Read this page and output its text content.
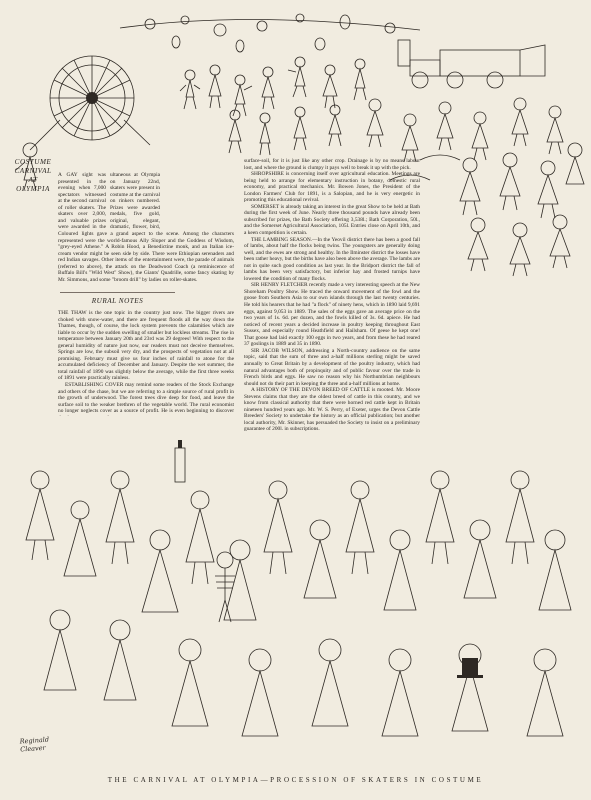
COSTUME CARNIVAL AT OLYMPIA
RURAL NOTES

A GAY sight was presented in the evening when 7,000 spectators witnessed at the second carnival of roller skaters. The skaters over 2,000, and valuable prizes were awarded in the

ultaneous at Olympia on January 22nd, skaters were present in costume at the carnival on rinkers numbered. Prizes were awarded medals, five gold, original, elegant, dramatic, flower, bird,

Coloured lights gave a grand aspect to the scene. Among the characters represented were the world-famous Ally Sloper and the Goddess of Wisdom, "grey-eyed Athene." A Robin Hood, a Benedictine monk, and an Italian ice-cream vendor might be seen side by side. There were Ethiopian serenaders and red Indian savages. Other items of the entertainment were, the parade of animals (referred to above), the attack on the Deadwood Coach (a reminiscence of Buffalo Bill's "Wild West" Show), the Giants' Quadrille, some fancy skating by Mr. Simmons, and some "broom drill" by ladies on roller-skates.

THE THAW is the one topic in the country just now. The bigger rivers are choked with snow-water, and there are frequent floods all the way down the Thames, though, of course, the lock system prevents the calamities which are liable to occur by the sudden swelling of smaller but lockless streams. The rise in temperature between January 20th and 23rd was 29 degrees! With respect to the general humidity of nature just now, our readers must not deceive themselves. Springs are low, the subsoil very dry, and the prospects of vegetation not at all promising. February must give us four inches of rainfall to atone for the accumulated deficiency of December and January. Despite the wet summer, the total rainfall of 1890 was slightly below the average, while the first three weeks of 1891 were practically rainless.

ESTABLISHING COVER may remind some readers of the Stock Exchange and others of the chase, but we are referring to a simple source of rural profit in the growth of underwood. The forest trees dive deep for food, and leave the surface soil to the weaker brethren of the vegetable world. The rural economist no longer neglects cover as a source of profit. He is even beginning to discover

surface-soil, for it is just like any other crop. Drainage is by no means labour lost, and where the ground is clumpy it pays well to break it up with the pick.

SHROPSHIRE is concerning itself over agricultural education. Meetings are being held to arrange for elementary instruction in botany, domestic rural economy, and practical mechanics. Mr. Bowen Jones, the President of the London Farmers' Club for 1891, is a Salopian, and he is very energetic in promoting this educational revival.

SOMERSET is already taking an interest in the great Show to be held at Bath during the first week of June. Nearly three thousand pounds have already been subscribed for prizes, the Bath Society offering 3,538l.; Bath Corporation, 50l., and the Somerset Agricultural Association, 105l. Entries close on April 10th, and a keen competition is certain.

THE LAMBING SEASON.—In the Yeovil district there has been a good fall of lambs, about half the flocks being twins. The youngsters are generally doing well, and the ewes are strong and healthy. In the Ilminster district the losses have been rather heavy, but the births have also been above the average. The lambs are not in quite such good condition as last year. In the Bridport district the fall of lambs has been very satisfactory, but inferior hay and frosted turnips have lowered the condition of many flocks.

SIR HENRY FLETCHER recently made a very interesting speech at the New Shoreham Poultry Show. He traced the onward movement of the fowl and the goose from Southern Asia to our own islands through the last twenty centuries. He told his hearers that he had "a flock" of ninety hens, which in 1890 laid 9,691 eggs, against 9,053 in 1889. The sales of the eggs gave an average price on the two years of 1s. 6d. per dozen, and the fowls killed of 3s. 6d. apiece. He had noticed of recent years a decided increase in poultry keeping throughout East Sussex, and especially round Heathfield and Hailsham. Of geese he kept one! That goose had laid exactly 100 eggs in two years, and from these he had reared 37 goslings in 1889 and 35 in 1890.

SIR JACOB WILSON, addressing a North-country audience on the same topic, said that the sum of three and a-half millions sterling might be saved annually to Great Britain by a development of the poultry industry, which had natural advantages both of propinquity and of public favour over the trade in French birds and eggs. He saw no reason why his Northumbrian neighbours should not do their part in keeping the three and a-half millions at home.

A HISTORY OF THE DEVON BREED OF CATTLE is mooted. Mr. Moore Stevens claims that they are the oldest breed of cattle in this country, and we know from classical authority that there were horned red cattle kept in Britain nineteen hundred years ago. Mr. W. S. Perry, of Exeter, urges the Devon Cattle Breeders' Society to undertake the history as an official publication; but another local authority, Mr. Skinner, has persuaded the Society to insist on a preliminary guarantee of 200l. in subscriptions.

Reginald Cleaver
THE CARNIVAL AT OLYMPIA—PROCESSION OF SKATERS IN COSTUME
